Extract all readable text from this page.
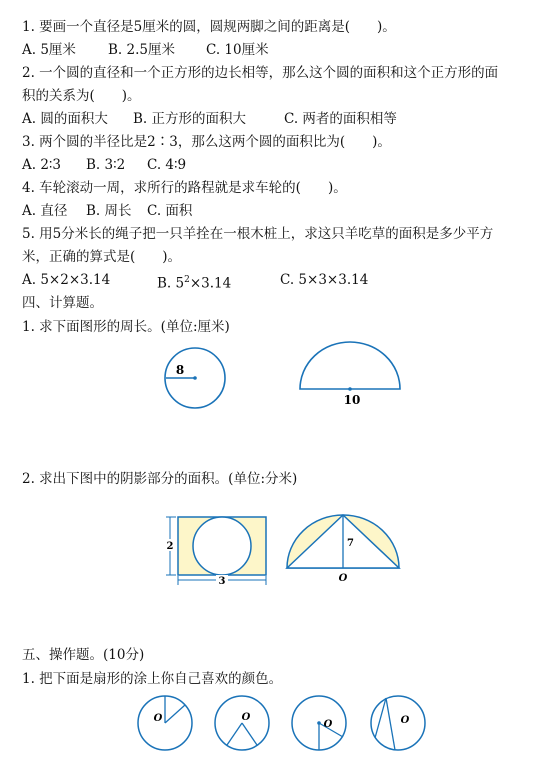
1. 要画一个直径是5厘米的圆，圆规两脚之间的距离是(　　)。
A. 5厘米 B. 2.5厘米 C. 10厘米
2. 一个圆的直径和一个正方形的边长相等，那么这个圆的面积和这个正方形的面
积的关系为(　　)。
A. 圆的面积大 B. 正方形的面积大	C. 两者的面积相等
3. 两个圆的半径比是2∶3，那么这两个圆的面积比为(　　)。
A. 2∶3 B. 3∶2 C. 4∶9
4. 车轮滚动一周，求所行的路程就是求车轮的(　　)。
A. 直径 B. 周长 C. 面积
5. 用5分米长的绳子把一只羊拴在一根木桩上，求这只羊吃草的面积是多少平方
米，正确的算式是(　　)。
A. 5×2×3.14	B. $5^2\times 3.14$	C. 5×3×3.14
四、计算题。
1. 求下面图形的周长。(单位:厘米)
8
10
2. 求出下图中的阴影部分的面积。(单位:分米)
2
3
7
O
五、操作题。(10分)
1. 把下面是扇形的涂上你自己喜欢的颜色。
O	O
O	O
